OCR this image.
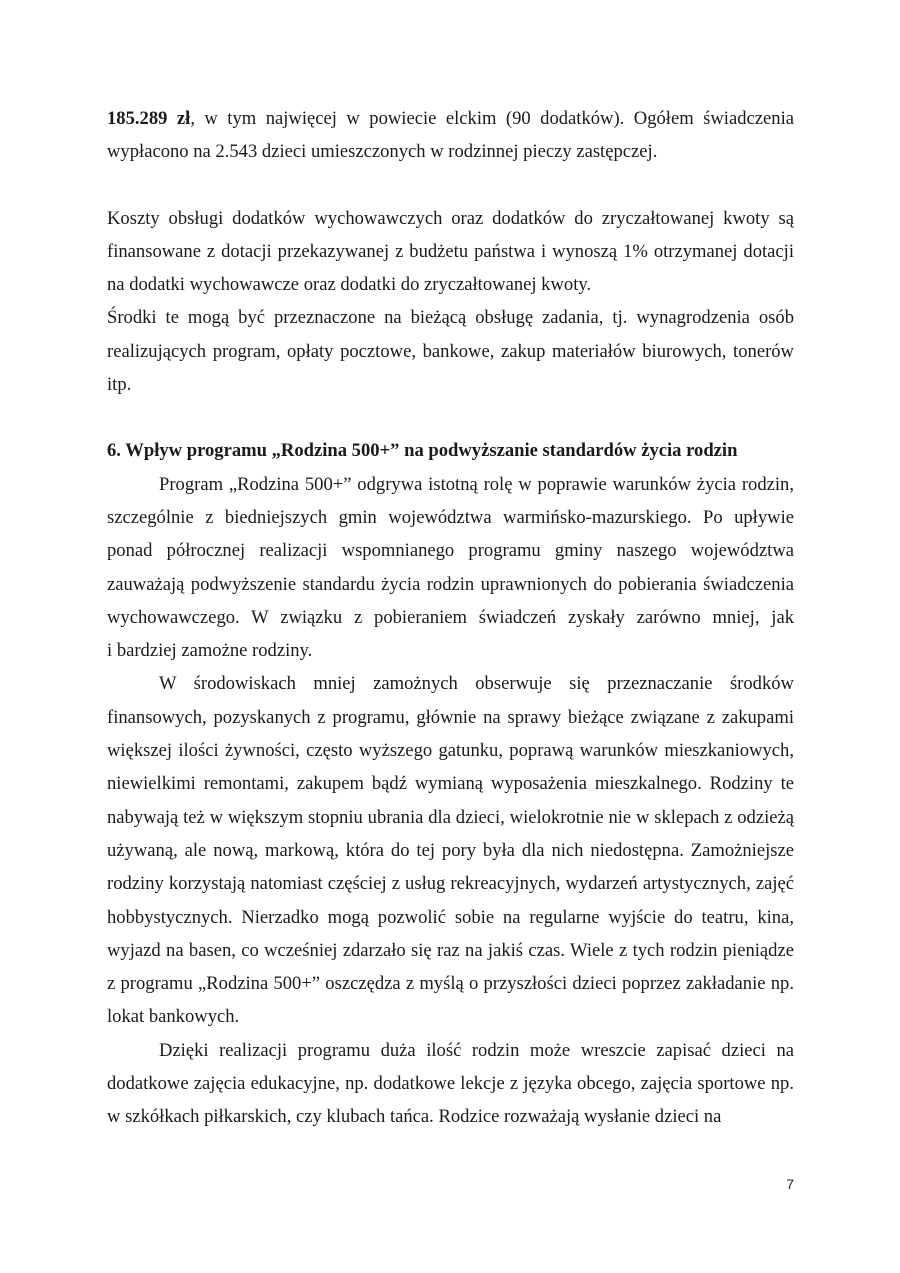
185.289 zł, w tym najwięcej w powiecie elckim (90 dodatków). Ogółem świadczenia wypłacono na 2.543 dzieci umieszczonych w rodzinnej pieczy zastępczej.

Koszty obsługi dodatków wychowawczych oraz dodatków do zryczałtowanej kwoty są finansowane z dotacji przekazywanej z budżetu państwa i wynoszą 1% otrzymanej dotacji na dodatki wychowawcze oraz dodatki do zryczałtowanej kwoty.

Środki te mogą być przeznaczone na bieżącą obsługę zadania, tj. wynagrodzenia osób realizujących program, opłaty pocztowe, bankowe, zakup materiałów biurowych, tonerów itp.

6. Wpływ programu „Rodzina 500+” na podwyższanie standardów życia rodzin

Program „Rodzina 500+” odgrywa istotną rolę w poprawie warunków życia rodzin, szczególnie z biedniejszych gmin województwa warmińsko-mazurskiego. Po upływie ponad półrocznej realizacji wspomnianego programu gminy naszego województwa zauważają podwyższenie standardu życia rodzin uprawnionych do pobierania świadczenia wychowawczego. W związku z pobieraniem świadczeń zyskały zarówno mniej, jak

i bardziej zamożne rodziny.

W środowiskach mniej zamożnych obserwuje się przeznaczanie środków finansowych, pozyskanych z programu, głównie na sprawy bieżące związane z zakupami większej ilości żywności, często wyższego gatunku, poprawą warunków mieszkaniowych, niewielkimi remontami, zakupem bądź wymianą wyposażenia mieszkalnego. Rodziny te nabywają też w większym stopniu ubrania dla dzieci, wielokrotnie nie w sklepach z odzieżą używaną, ale nową, markową, która do tej pory była dla nich niedostępna. Zamożniejsze rodziny korzystają natomiast częściej z usług rekreacyjnych, wydarzeń artystycznych, zajęć hobbystycznych. Nierzadko mogą pozwolić sobie na regularne wyjście do teatru, kina, wyjazd na basen, co wcześniej zdarzało się raz na jakiś czas. Wiele z tych rodzin pieniądze z programu „Rodzina 500+” oszczędza z myślą o przyszłości dzieci poprzez zakładanie np. lokat bankowych.

Dzięki realizacji programu duża ilość rodzin może wreszcie zapisać dzieci na dodatkowe zajęcia edukacyjne, np. dodatkowe lekcje z języka obcego, zajęcia sportowe np. w szkółkach piłkarskich, czy klubach tańca. Rodzice rozważają wysłanie dzieci na

7
